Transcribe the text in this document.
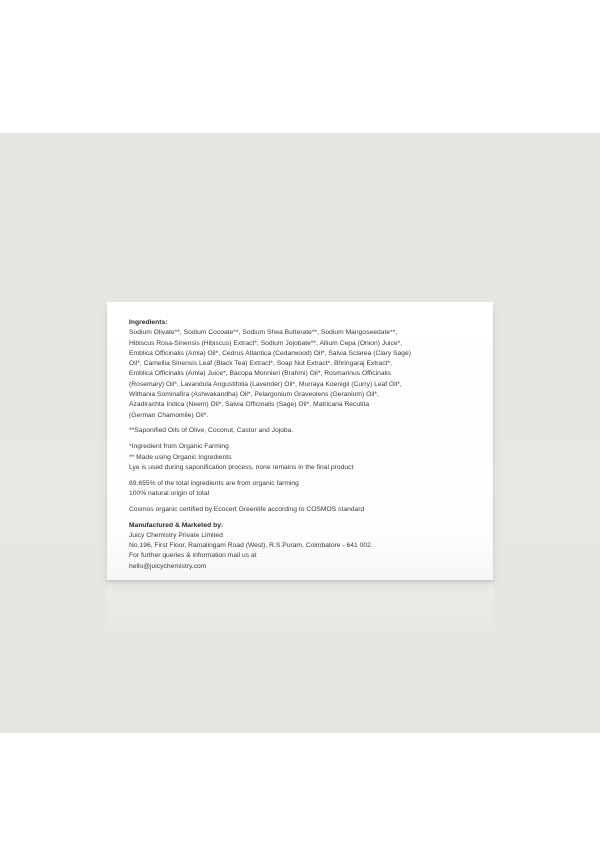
Ingredients:
Sodium Olivate**, Sodium Cocoate**, Sodium Shea Butterate**, Sodium Mangoseedate**,
Hibiscus Rosa-Sinensis (Hibiscus) Extract*, Sodium Jojobate**, Allium Cepa (Onion) Juice*,
Emblica Officinalis (Amla) Oil*, Cedrus Atlantica (Cedarwood) Oil*, Salvia Sclarea (Clary Sage)
Oil*, Camellia Sinensis Leaf (Black Tea) Extract*, Soap Nut Extract*, Bhringaraj Extract*,
Emblica Officinalis (Amla) Juice*, Bacopa Monnieri (Brahmi) Oil*, Rosmarinus Officinalis
(Rosemary) Oil*, Lavandula Angustifolia (Lavender) Oil*, Murraya Koenigii (Curry) Leaf Oil*,
Withania Sominafira (Ashwakandha) Oil*, Pelargonium Graveolens (Geranium) Oil*,
Azadirachta Indica (Neem) Oil*, Salvia Officinalis (Sage) Oil*, Matricaria Recutita
(German Chamomile) Oil*.

**Saponified Oils of Olive, Coconut, Castor and Jojoba.

*Ingredient from Organic Farming
** Made using Organic Ingredients
Lye is used during saponification process, none remains in the final product

89.655% of the total ingredients are from organic farming
100% natural origin of total

Cosmos organic certified by Ecocert Greenlife according to COSMOS standard

Manufactured & Marketed by:
Juicy Chemistry Private Limited
No.196, First Floor, Ramalingam Road (West), R.S.Puram, Coimbatore - 641 002.
For further queries & information mail us at
hello@juicychemistry.com
